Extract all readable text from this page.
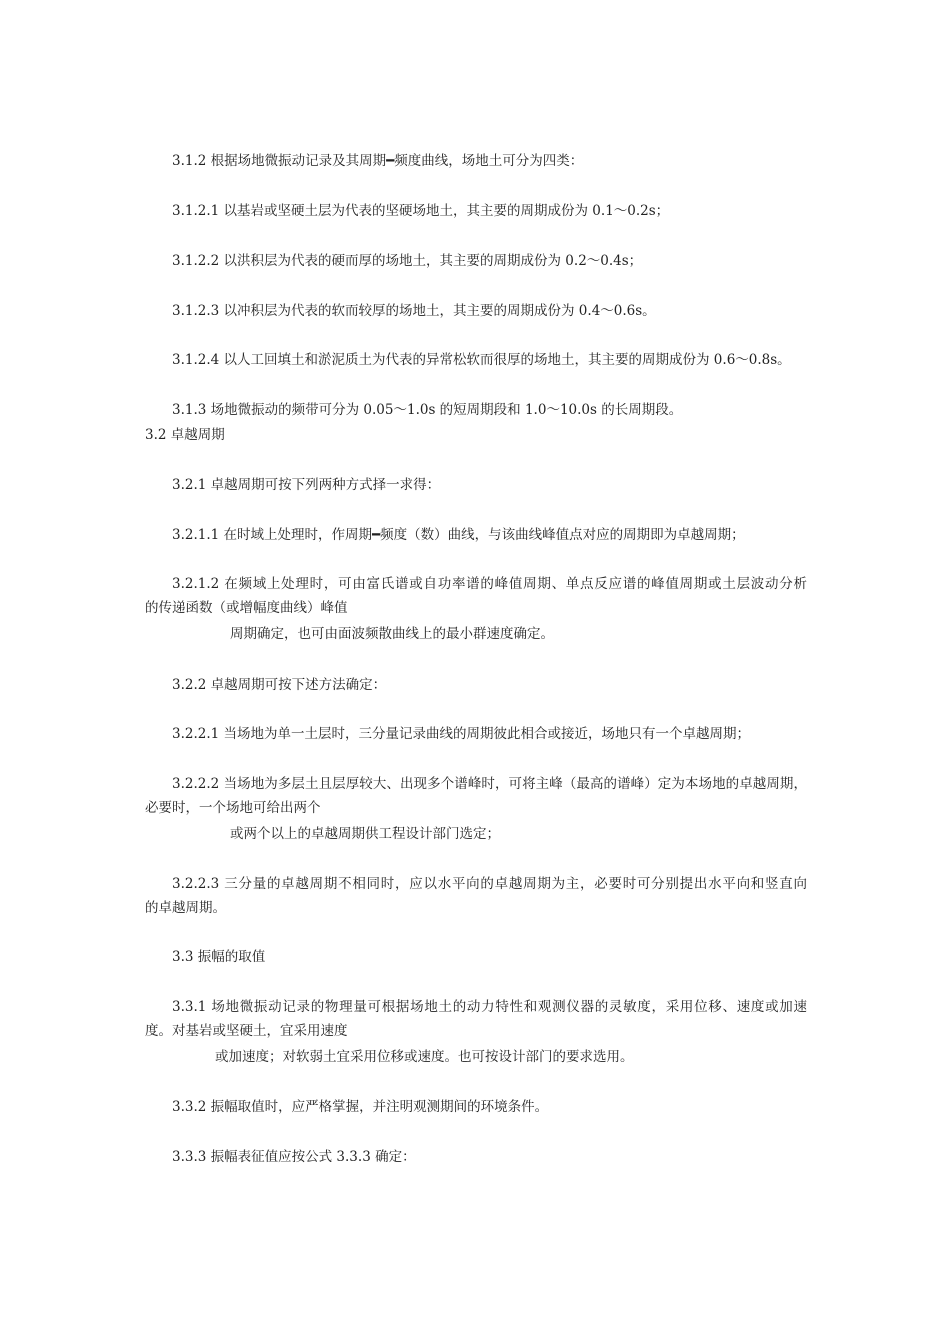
3.1.2 根据场地微振动记录及其周期━频度曲线，场地土可分为四类：
3.1.2.1 以基岩或坚硬土层为代表的坚硬场地土，其主要的周期成份为 0.1～0.2s；
3.1.2.2 以洪积层为代表的硬而厚的场地土，其主要的周期成份为 0.2～0.4s；
3.1.2.3 以冲积层为代表的软而较厚的场地土，其主要的周期成份为 0.4～0.6s。
3.1.2.4 以人工回填土和淤泥质土为代表的异常松软而很厚的场地土，其主要的周期成份为 0.6～0.8s。
3.1.3 场地微振动的频带可分为 0.05～1.0s 的短周期段和 1.0～10.0s 的长周期段。
3.2 卓越周期
3.2.1 卓越周期可按下列两种方式择一求得：
3.2.1.1 在时域上处理时，作周期━频度（数）曲线，与该曲线峰值点对应的周期即为卓越周期；
3.2.1.2 在频域上处理时，可由富氏谱或自功率谱的峰值周期、单点反应谱的峰值周期或土层波动分析
的传递函数（或增幅度曲线）峰值
周期确定，也可由面波频散曲线上的最小群速度确定。
3.2.2 卓越周期可按下述方法确定：
3.2.2.1 当场地为单一土层时，三分量记录曲线的周期彼此相合或接近，场地只有一个卓越周期；
3.2.2.2 当场地为多层土且层厚较大、出现多个谱峰时，可将主峰（最高的谱峰）定为本场地的卓越周期，
必要时，一个场地可给出两个
或两个以上的卓越周期供工程设计部门选定；
3.2.2.3 三分量的卓越周期不相同时，应以水平向的卓越周期为主，必要时可分别提出水平向和竖直向
的卓越周期。
3.3 振幅的取值
3.3.1 场地微振动记录的物理量可根据场地土的动力特性和观测仪器的灵敏度，采用位移、速度或加速
度。对基岩或坚硬土，宜采用速度
或加速度；对软弱土宜采用位移或速度。也可按设计部门的要求选用。
3.3.2 振幅取值时，应严格掌握，并注明观测期间的环境条件。
3.3.3 振幅表征值应按公式 3.3.3 确定：
